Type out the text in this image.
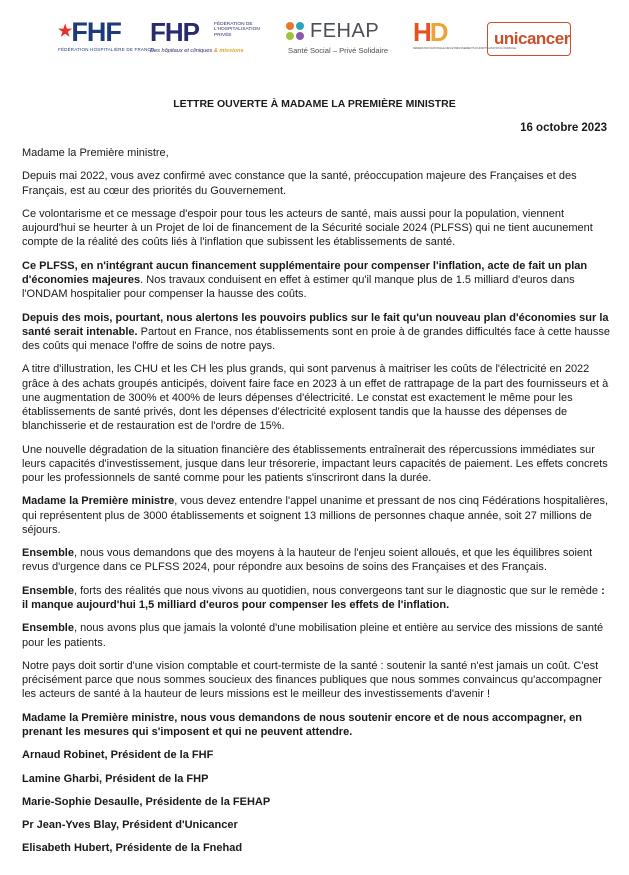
★FHF
FÉDÉRATION HOSPITALIÈRE DE FRANCE
FHP	FÉDÉRATION DE L'HOSPITALISATION PRIVÉE
Des hôpitaux et cliniques & missions
FEHAP
Santé Social – Privé Solidaire
HD
FÉDÉRATION NATIONALE DES ÉTABLISSEMENTS D'HOSPITALISATION À DOMICILE
unicancer
LETTRE OUVERTE À MADAME LA PREMIÈRE MINISTRE
16 octobre 2023

Madame la Première ministre,

Depuis mai 2022, vous avez confirmé avec constance que la santé, préoccupation majeure des Françaises et des Français, est au cœur des priorités du Gouvernement.

Ce volontarisme et ce message d'espoir pour tous les acteurs de santé, mais aussi pour la population, viennent aujourd'hui se heurter à un Projet de loi de financement de la Sécurité sociale 2024 (PLFSS) qui ne tient aucunement compte de la réalité des coûts liés à l'inflation que subissent les établissements de santé.

Ce PLFSS, en n'intégrant aucun financement supplémentaire pour compenser l'inflation, acte de fait un plan d'économies majeures. Nos travaux conduisent en effet à estimer qu'il manque plus de 1.5 milliard d'euros dans l'ONDAM hospitalier pour compenser la hausse des coûts.

Depuis des mois, pourtant, nous alertons les pouvoirs publics sur le fait qu'un nouveau plan d'économies sur la santé serait intenable. Partout en France, nos établissements sont en proie à de grandes difficultés face à cette hausse des coûts qui menace l'offre de soins de notre pays.

A titre d'illustration, les CHU et les CH les plus grands, qui sont parvenus à maitriser les coûts de l'électricité en 2022 grâce à des achats groupés anticipés, doivent faire face en 2023 à un effet de rattrapage de la part des fournisseurs et à une augmentation de 300% et 400% de leurs dépenses d'électricité. Le constat est exactement le même pour les établissements de santé privés, dont les dépenses d'électricité explosent tandis que la hausse des dépenses de blanchisserie et de restauration est de l'ordre de 15%.

Une nouvelle dégradation de la situation financière des établissements entraînerait des répercussions immédiates sur leurs capacités d'investissement, jusque dans leur trésorerie, impactant leurs capacités de paiement. Les effets concrets pour les professionnels de santé comme pour les patients s'inscriront dans la durée.

Madame la Première ministre, vous devez entendre l'appel unanime et pressant de nos cinq Fédérations hospitalières, qui représentent plus de 3000 établissements et soignent 13 millions de personnes chaque année, soit 27 millions de séjours.

Ensemble, nous vous demandons que des moyens à la hauteur de l'enjeu soient alloués, et que les équilibres soient revus d'urgence dans ce PLFSS 2024, pour répondre aux besoins de soins des Françaises et des Français.

Ensemble, forts des réalités que nous vivons au quotidien, nous convergeons tant sur le diagnostic que sur le remède : il manque aujourd'hui 1,5 milliard d'euros pour compenser les effets de l'inflation.

Ensemble, nous avons plus que jamais la volonté d'une mobilisation pleine et entière au service des missions de santé pour les patients.

Notre pays doit sortir d'une vision comptable et court-termiste de la santé : soutenir la santé n'est jamais un coût. C'est précisément parce que nous sommes soucieux des finances publiques que nous sommes convaincus qu'accompagner les acteurs de santé à la hauteur de leurs missions est le meilleur des investissements d'avenir !

Madame la Première ministre, nous vous demandons de nous soutenir encore et de nous accompagner, en prenant les mesures qui s'imposent et qui ne peuvent attendre.

Arnaud Robinet, Président de la FHF
Lamine Gharbi, Président de la FHP
Marie-Sophie Desaulle, Présidente de la FEHAP
Pr Jean-Yves Blay, Président d'Unicancer
Elisabeth Hubert, Présidente de la Fnehad
